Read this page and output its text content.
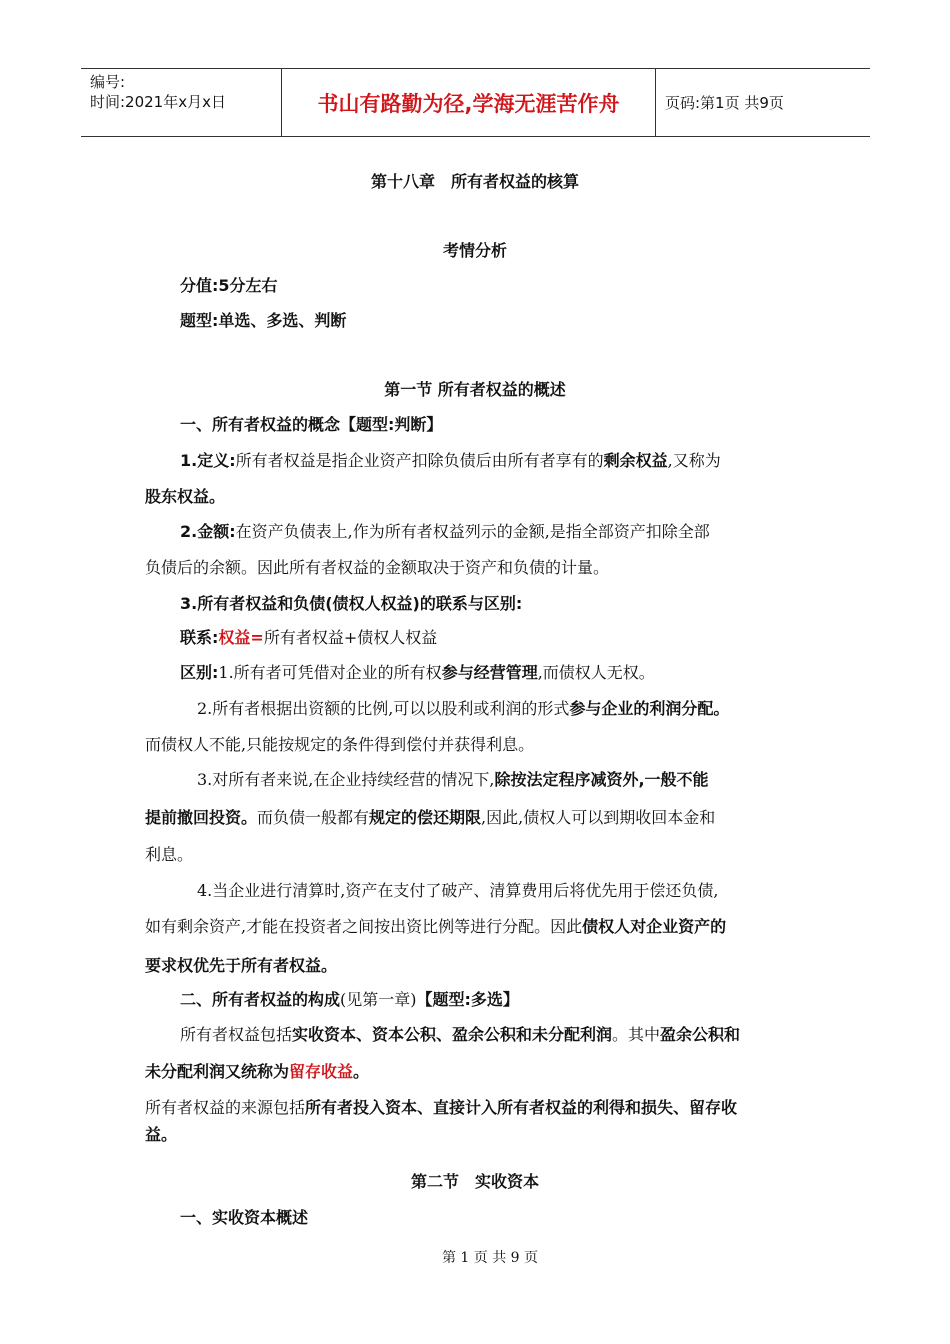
编号:
时间:2021年x月x日	书山有路勤为径,学海无涯苦作舟	页码:第1页 共9页
第十八章　所有者权益的核算
考情分析
分值:5分左右
题型:单选、多选、判断
第一节 所有者权益的概述
一、所有者权益的概念【题型:判断】
1.定义:所有者权益是指企业资产扣除负债后由所有者享有的剩余权益,又称为
股东权益。
2.金额:在资产负债表上,作为所有者权益列示的金额,是指全部资产扣除全部
负债后的余额。因此所有者权益的金额取决于资产和负债的计量。
3.所有者权益和负债(债权人权益)的联系与区别:
联系:权益=所有者权益+债权人权益
区别:1.所有者可凭借对企业的所有权参与经营管理,而债权人无权。
2.所有者根据出资额的比例,可以以股利或利润的形式参与企业的利润分配。
而债权人不能,只能按规定的条件得到偿付并获得利息。
3.对所有者来说,在企业持续经营的情况下,除按法定程序减资外,一般不能
提前撤回投资。而负债一般都有规定的偿还期限,因此,债权人可以到期收回本金和
利息。
4.当企业进行清算时,资产在支付了破产、清算费用后将优先用于偿还负债,
如有剩余资产,才能在投资者之间按出资比例等进行分配。因此债权人对企业资产的
要求权优先于所有者权益。
二、所有者权益的构成(见第一章)【题型:多选】
所有者权益包括实收资本、资本公积、盈余公积和未分配利润。其中盈余公积和
未分配利润又统称为留存收益。
所有者权益的来源包括所有者投入资本、直接计入所有者权益的利得和损失、留存收
益。
第二节　实收资本
一、实收资本概述
第 1 页 共 9 页
